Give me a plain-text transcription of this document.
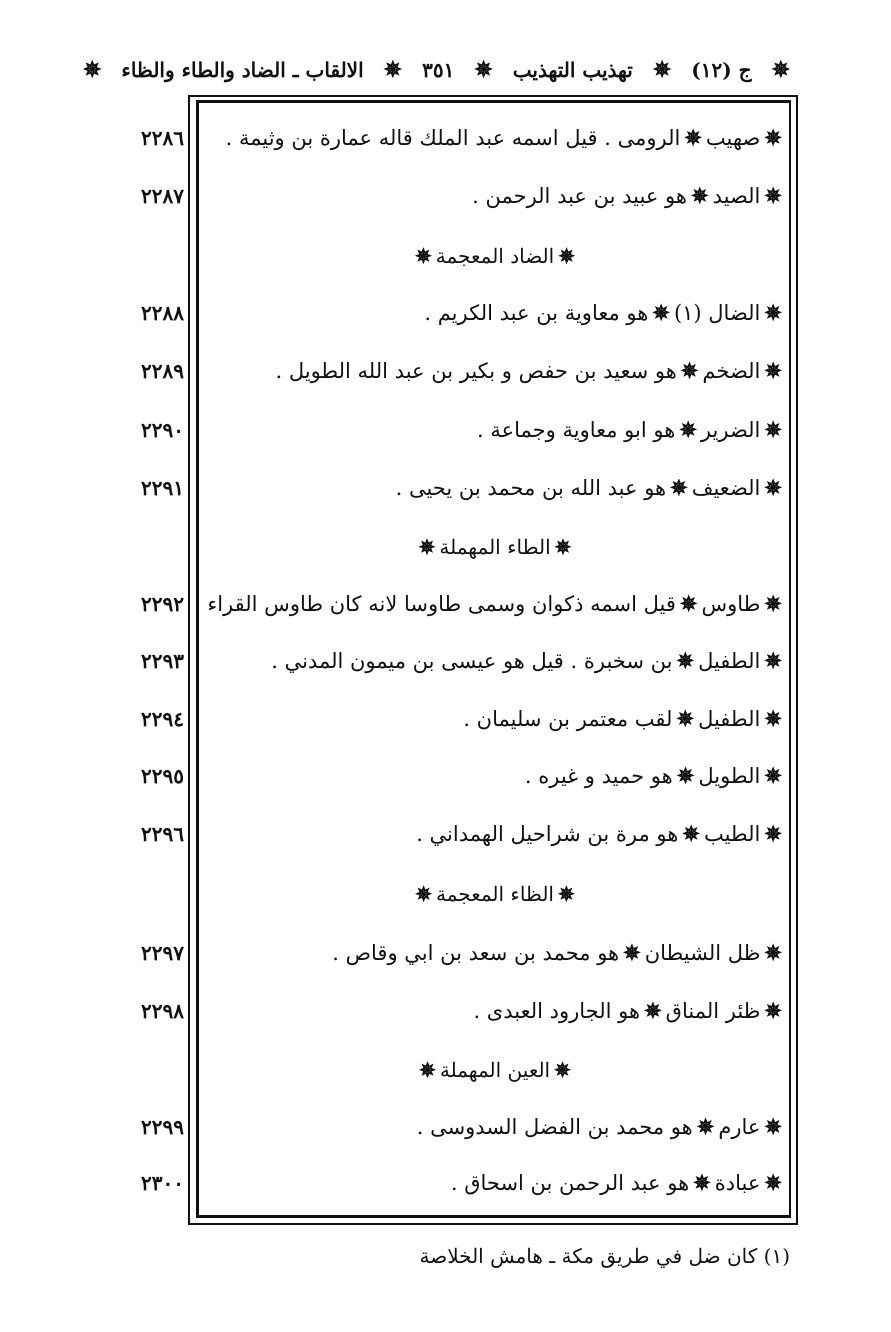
✵
ج (١٢)
✵
تهذيب التهذيب
✵
٣٥١
✵
الالقاب ـ الضاد والطاء والظاء
✵
✵صهيب✵الرومى . قيل اسمه عبد الملك قاله عمارة بن وثيمة .
٢٢٨٦
✵الصيد✵هو عبيد بن عبد الرحمن .
٢٢٨٧
✵الضاد المعجمة✵
✵الضال (١)✵هو معاوية بن عبد الكريم .
٢٢٨٨
✵الضخم✵هو سعيد بن حفص و بكير بن عبد الله الطويل .
٢٢٨٩
✵الضرير✵هو ابو معاوية وجماعة .
٢٢٩٠
✵الضعيف✵هو عبد الله بن محمد بن يحيى .
٢٢٩١
✵الطاء المهملة✵
✵طاوس✵قيل اسمه ذكوان وسمى طاوسا لانه كان طاوس القراء .
٢٢٩٢
✵الطفيل✵بن سخبرة . قيل هو عيسى بن ميمون المدني .
٢٢٩٣
✵الطفيل✵لقب معتمر بن سليمان .
٢٢٩٤
✵الطويل✵هو حميد و غيره .
٢٢٩٥
✵الطيب✵هو مرة بن شراحيل الهمداني .
٢٢٩٦
✵الظاء المعجمة✵
✵ظل الشيطان✵هو محمد بن سعد بن ابي وقاص .
٢٢٩٧
✵ظئر المناق✵هو الجارود العبدى .
٢٢٩٨
✵العين المهملة✵
✵عارم✵هو محمد بن الفضل السدوسى .
٢٢٩٩
✵عبادة✵هو عبد الرحمن بن اسحاق .
٢٣٠٠
(١) كان ضل في طريق مكة ـ هامش الخلاصة
